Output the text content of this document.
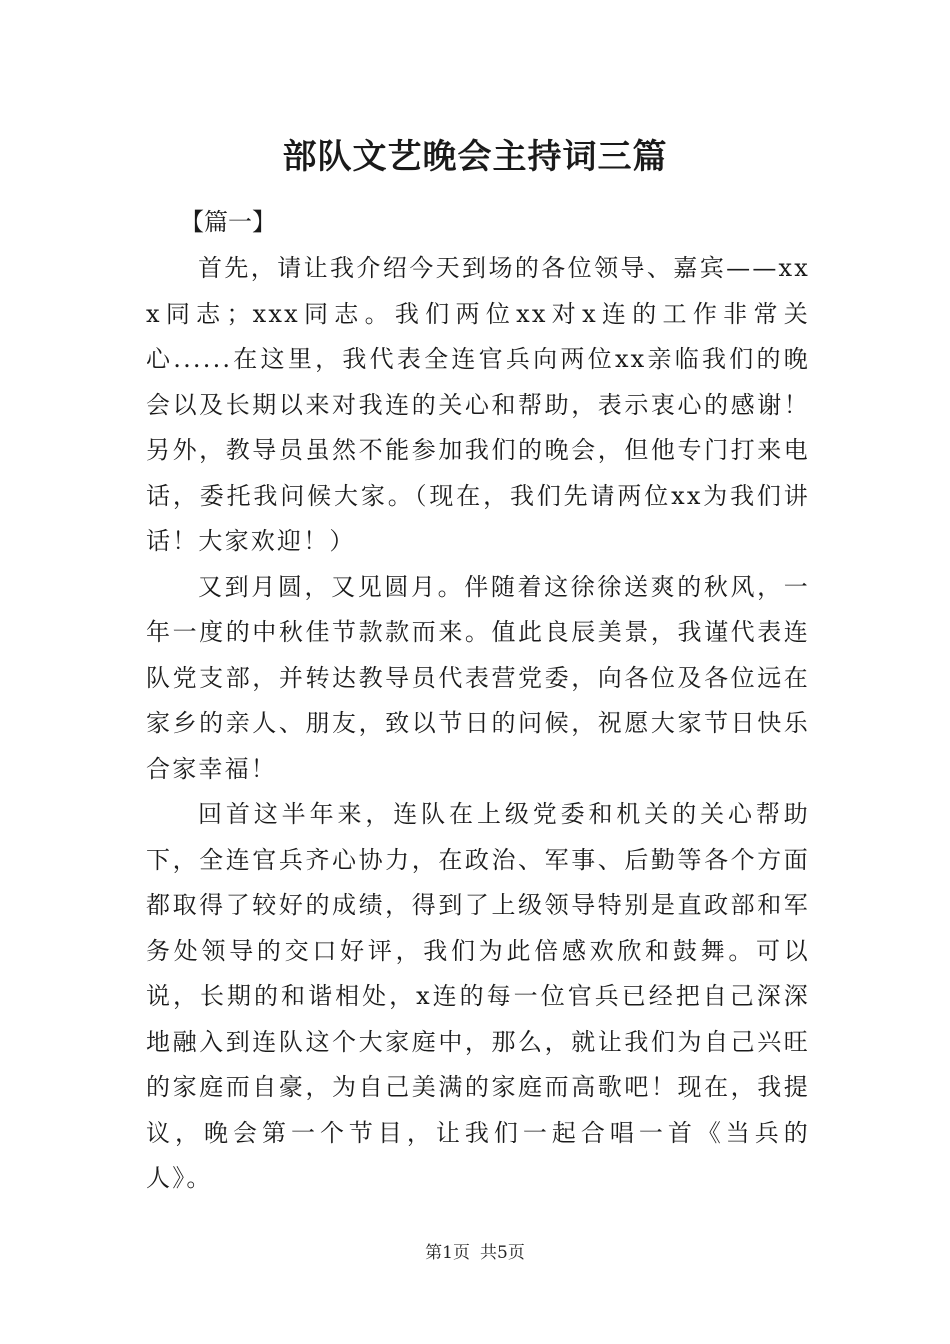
部队文艺晚会主持词三篇
【篇一】

首先，请让我介绍今天到场的各位领导、嘉宾——xxx同志；xxx同志。我们两位xx对x连的工作非常关心......在这里，我代表全连官兵向两位xx亲临我们的晚会以及长期以来对我连的关心和帮助，表示衷心的感谢！另外，教导员虽然不能参加我们的晚会，但他专门打来电话，委托我问候大家。（现在，我们先请两位xx为我们讲话！大家欢迎！）

又到月圆，又见圆月。伴随着这徐徐送爽的秋风，一年一度的中秋佳节款款而来。值此良辰美景，我谨代表连队党支部，并转达教导员代表营党委，向各位及各位远在家乡的亲人、朋友，致以节日的问候，祝愿大家节日快乐合家幸福！

回首这半年来，连队在上级党委和机关的关心帮助下，全连官兵齐心协力，在政治、军事、后勤等各个方面都取得了较好的成绩，得到了上级领导特别是直政部和军务处领导的交口好评，我们为此倍感欢欣和鼓舞。可以说，长期的和谐相处，x连的每一位官兵已经把自己深深地融入到连队这个大家庭中，那么，就让我们为自己兴旺的家庭而自豪，为自己美满的家庭而高歌吧！现在，我提议，晚会第一个节目，让我们一起合唱一首《当兵的人》。

第1页 共5页
